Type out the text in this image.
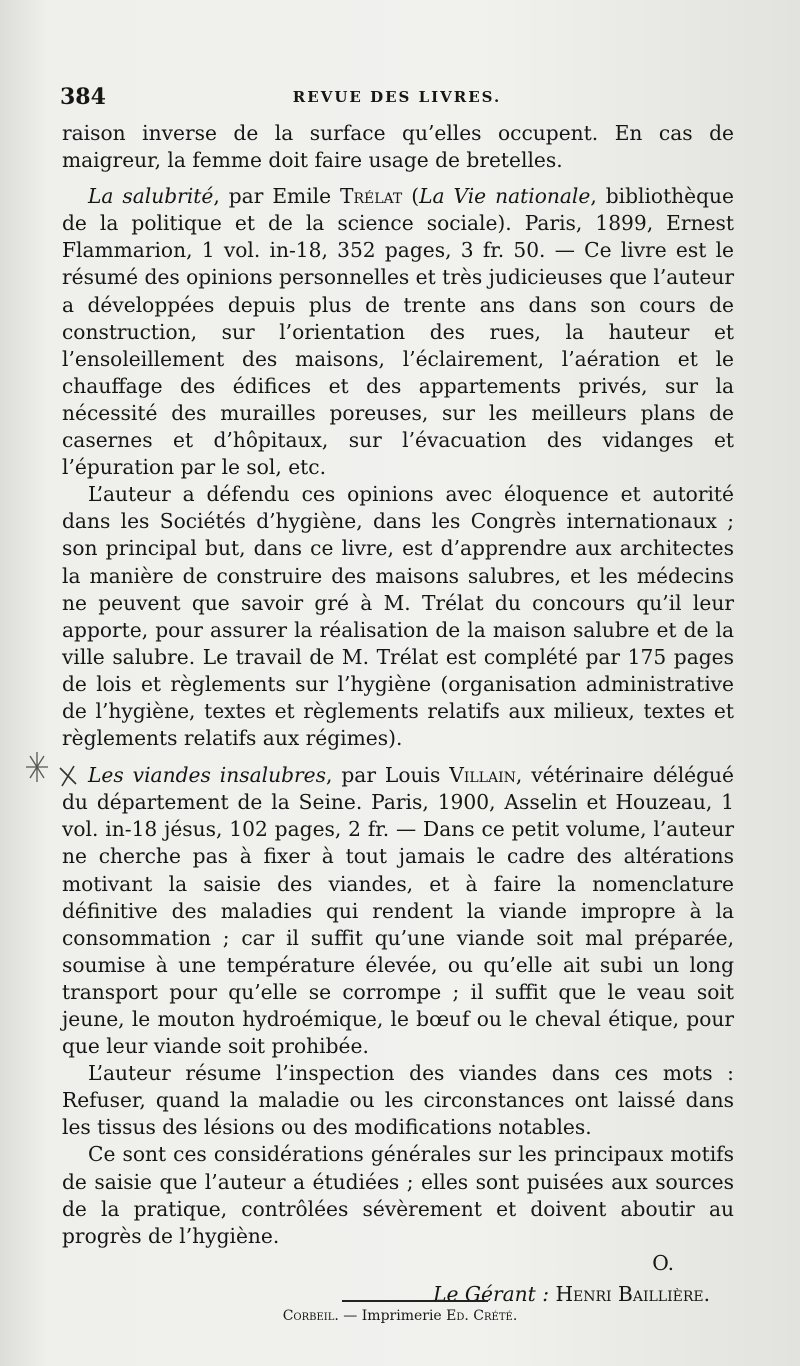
384	REVUE DES LIVRES.

raison inverse de la surface qu’elles occupent. En cas de maigreur, la femme doit faire usage de bretelles.

La salubrité, par Emile Trélat (La Vie nationale, bibliothèque de la politique et de la science sociale). Paris, 1899, Ernest Flammarion, 1 vol. in-18, 352 pages, 3 fr. 50. — Ce livre est le résumé des opinions personnelles et très judicieuses que l’auteur a développées depuis plus de trente ans dans son cours de construction, sur l’orientation des rues, la hauteur et l’ensoleillement des maisons, l’éclairement, l’aération et le chauffage des édifices et des appartements privés, sur la nécessité des murailles poreuses, sur les meilleurs plans de casernes et d’hôpitaux, sur l’évacuation des vidanges et l’épuration par le sol, etc.

L’auteur a défendu ces opinions avec éloquence et autorité dans les Sociétés d’hygiène, dans les Congrès internationaux ; son principal but, dans ce livre, est d’apprendre aux architectes la manière de construire des maisons salubres, et les médecins ne peuvent que savoir gré à M. Trélat du concours qu’il leur apporte, pour assurer la réalisation de la maison salubre et de la ville salubre. Le travail de M. Trélat est complété par 175 pages de lois et règlements sur l’hygiène (organisation administrative de l’hygiène, textes et règlements relatifs aux milieux, textes et règlements relatifs aux régimes).

Les viandes insalubres, par Louis Villain, vétérinaire délégué du département de la Seine. Paris, 1900, Asselin et Houzeau, 1 vol. in-18 jésus, 102 pages, 2 fr. — Dans ce petit volume, l’auteur ne cherche pas à fixer à tout jamais le cadre des altérations motivant la saisie des viandes, et à faire la nomenclature définitive des maladies qui rendent la viande impropre à la consommation ; car il suffit qu’une viande soit mal préparée, soumise à une température élevée, ou qu’elle ait subi un long transport pour qu’elle se corrompe ; il suffit que le veau soit jeune, le mouton hydroémique, le bœuf ou le cheval étique, pour que leur viande soit prohibée.

L’auteur résume l’inspection des viandes dans ces mots : Refuser, quand la maladie ou les circonstances ont laissé dans les tissus des lésions ou des modifications notables.

Ce sont ces considérations générales sur les principaux motifs de saisie que l’auteur a étudiées ; elles sont puisées aux sources de la pratique, contrôlées sévèrement et doivent aboutir au progrès de l’hygiène.

O.
Le Gérant : Henri Baillière.
Corbeil. — Imprimerie Ed. Crété.
